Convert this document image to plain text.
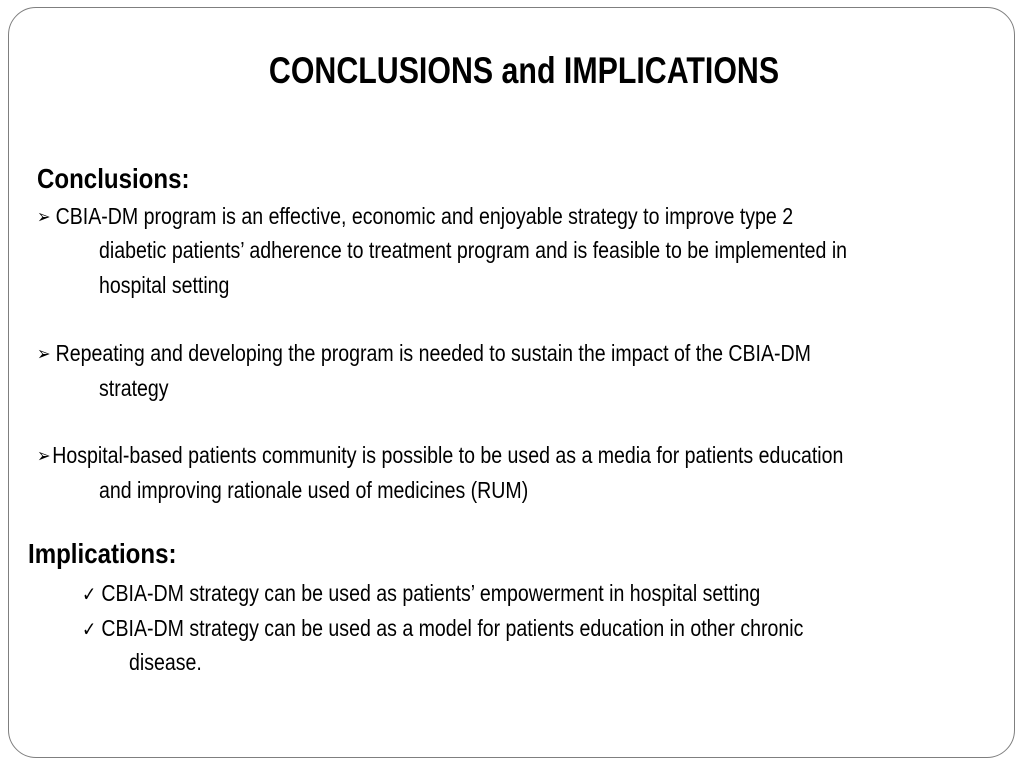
CONCLUSIONS and IMPLICATIONS
Conclusions:
➢ CBIA-DM program is an effective, economic and enjoyable strategy to improve type 2
diabetic patients’ adherence to treatment program and is feasible to be implemented in
hospital setting
➢ Repeating and developing the program is needed to sustain the impact of the CBIA-DM
strategy
➢Hospital-based patients community is possible to be used as a media for patients education
and improving rationale used of medicines (RUM)
Implications:
✓ CBIA-DM strategy can be used as patients’ empowerment in hospital setting
✓ CBIA-DM strategy can be used as a model for patients education in other chronic
disease.
